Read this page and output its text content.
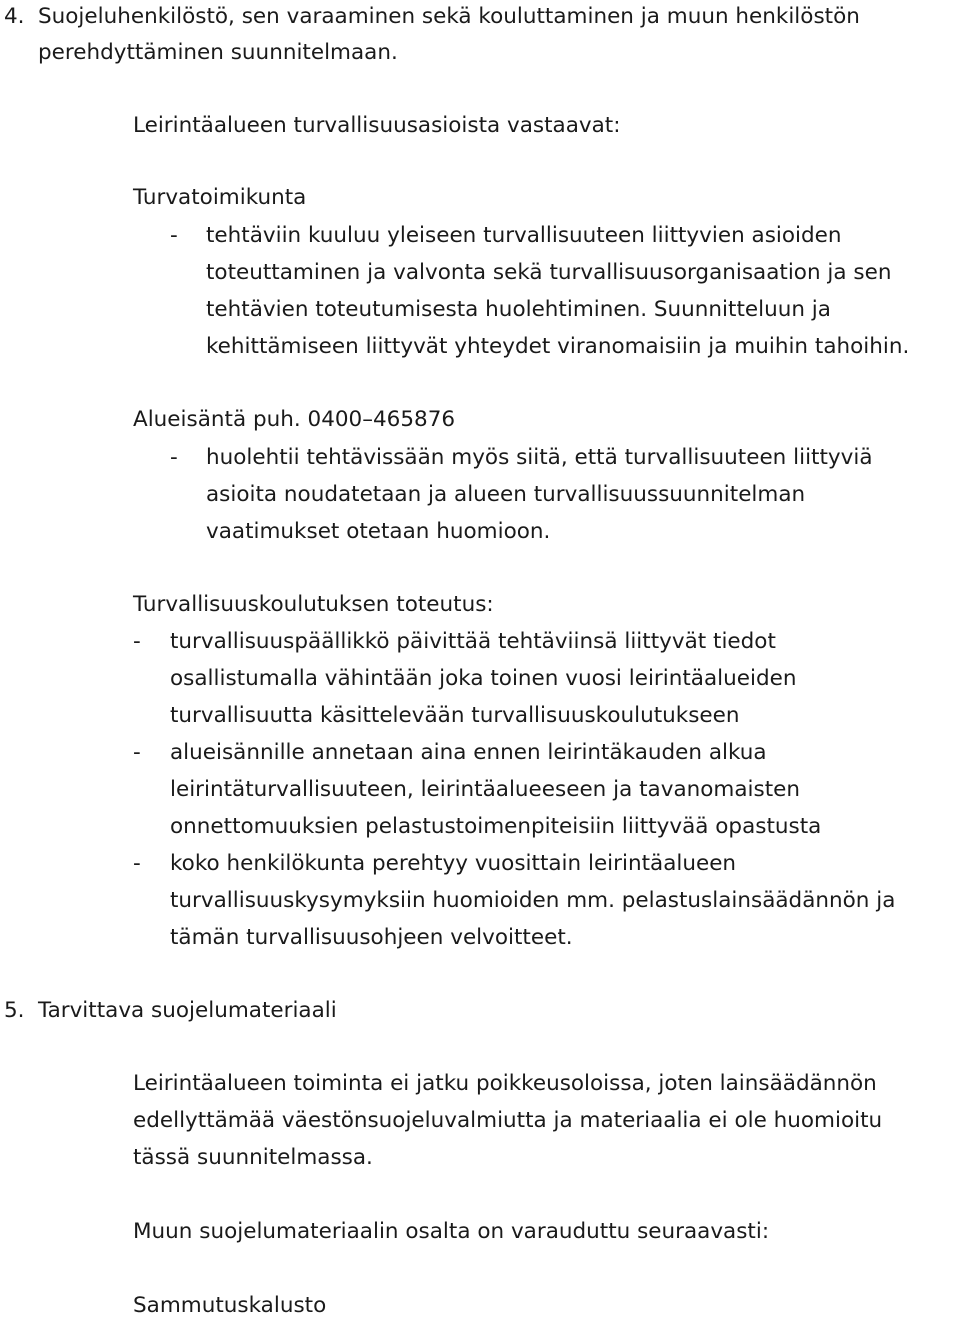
4. Suojeluhenkilöstö, sen varaaminen sekä kouluttaminen ja muun henkilöstön
perehdyttäminen suunnitelmaan.
Leirintäalueen turvallisuusasioista vastaavat:
Turvatoimikunta
- tehtäviin kuuluu yleiseen turvallisuuteen liittyvien asioiden
toteuttaminen ja valvonta sekä turvallisuusorganisaation ja sen
tehtävien toteutumisesta huolehtiminen. Suunnitteluun ja
kehittämiseen liittyvät yhteydet viranomaisiin ja muihin tahoihin.
Alueisäntä puh. 0400–465876
- huolehtii tehtävissään myös siitä, että turvallisuuteen liittyviä
asioita noudatetaan ja alueen turvallisuussuunnitelman
vaatimukset otetaan huomioon.
Turvallisuuskoulutuksen toteutus:
- turvallisuuspäällikkö päivittää tehtäviinsä liittyvät tiedot
osallistumalla vähintään joka toinen vuosi leirintäalueiden
turvallisuutta käsittelevään turvallisuuskoulutukseen
- alueisännille annetaan aina ennen leirintäkauden alkua
leirintäturvallisuuteen, leirintäalueeseen ja tavanomaisten
onnettomuuksien pelastustoimenpiteisiin liittyvää opastusta
- koko henkilökunta perehtyy vuosittain leirintäalueen
turvallisuuskysymyksiin huomioiden mm. pelastuslainsäädännön ja
tämän turvallisuusohjeen velvoitteet.
5. Tarvittava suojelumateriaali
Leirintäalueen toiminta ei jatku poikkeusoloissa, joten lainsäädännön
edellyttämää väestönsuojeluvalmiutta ja materiaalia ei ole huomioitu
tässä suunnitelmassa.
Muun suojelumateriaalin osalta on varauduttu seuraavasti:
Sammutuskalusto
